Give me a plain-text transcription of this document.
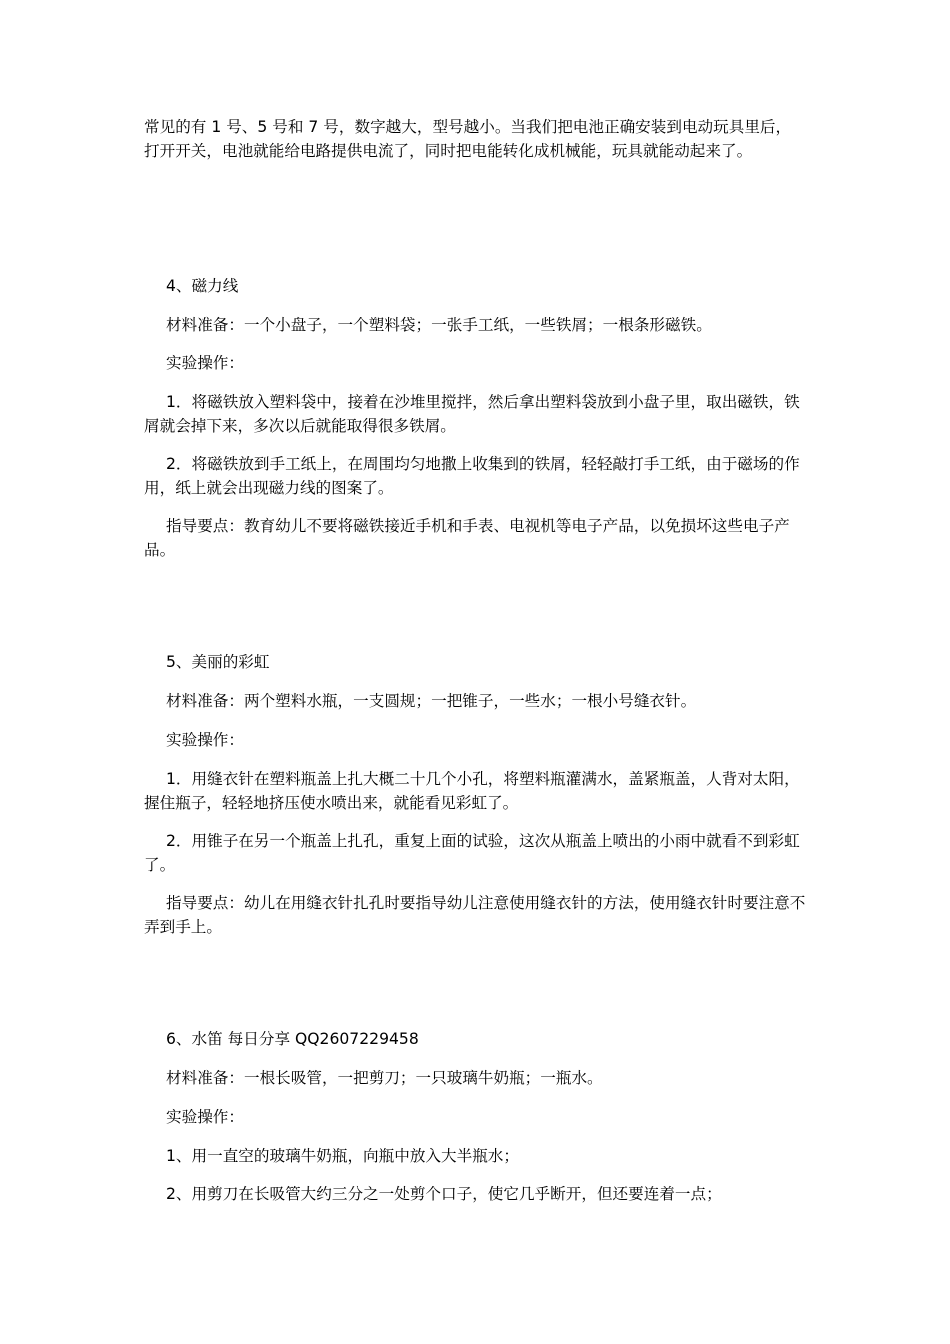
常见的有 1 号、5 号和 7 号，数字越大，型号越小。当我们把电池正确安装到电动玩具里后，打开开关，电池就能给电路提供电流了，同时把电能转化成机械能，玩具就能动起来了。

4、磁力线

材料准备：一个小盘子，一个塑料袋；一张手工纸，一些铁屑；一根条形磁铁。

实验操作：

1．将磁铁放入塑料袋中，接着在沙堆里搅拌，然后拿出塑料袋放到小盘子里，取出磁铁，铁屑就会掉下来，多次以后就能取得很多铁屑。

2．将磁铁放到手工纸上，在周围均匀地撒上收集到的铁屑，轻轻敲打手工纸，由于磁场的作用，纸上就会出现磁力线的图案了。

指导要点：教育幼儿不要将磁铁接近手机和手表、电视机等电子产品，以免损坏这些电子产品。

5、美丽的彩虹

材料准备：两个塑料水瓶，一支圆规；一把锥子，一些水；一根小号缝衣针。

实验操作：

1．用缝衣针在塑料瓶盖上扎大概二十几个小孔，将塑料瓶灌满水，盖紧瓶盖，人背对太阳，握住瓶子，轻轻地挤压使水喷出来，就能看见彩虹了。

2．用锥子在另一个瓶盖上扎孔，重复上面的试验，这次从瓶盖上喷出的小雨中就看不到彩虹了。

指导要点：幼儿在用缝衣针扎孔时要指导幼儿注意使用缝衣针的方法，使用缝衣针时要注意不弄到手上。

6、水笛 每日分享 QQ2607229458

材料准备：一根长吸管，一把剪刀；一只玻璃牛奶瓶；一瓶水。

实验操作：

1、用一直空的玻璃牛奶瓶，向瓶中放入大半瓶水；

2、用剪刀在长吸管大约三分之一处剪个口子，使它几乎断开，但还要连着一点；
